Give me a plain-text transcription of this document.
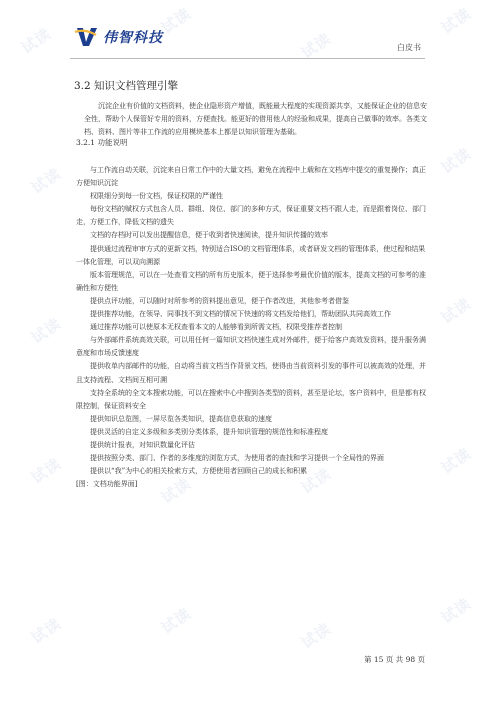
试读
试读
试读
试读
试读
试读
试读
试读
试读
试读	试读
试读
试读	试读	试读
试读
伟智科技
白皮书
3.2 知识文档管理引擎

沉淀企业有价值的文档资料，使企业隐形资产增值，既能最大程度的实现资源共享，又能保证企业的信息安全性，帮助个人保管好专用的资料，方便查找。能更好的借用他人的经验和成果，提高自己做事的效率。各类文档、资料、图片等非工作流的应用模块基本上都是以知识管理为基础。

3.2.1 功能说明

与工作流自动关联，沉淀来自日常工作中的大量文档，避免在流程中上载和在文档库中提交的重复操作；真正方便知识沉淀

权限细分到每一份文档，保证权限的严谨性

每份文档的赋权方式包含人员、群组、岗位、部门的多种方式，保证重要文档不跟人走，而是跟着岗位、部门走，方便工作，降低文档的遗失

文档的存档时可以发出提醒信息，便于收到者快速阅读，提升知识传播的效率

提供通过流程审审方式的更新文档，特别适合ISO的文档管理体系，或者研发文档的管理体系，使过程和结果一体化管理，可以双向溯源

版本管理规范，可以在一处查看文档的所有历史版本，便于选择参考最优价值的版本，提高文档的可参考的准确性和方便性

提供点评功能，可以随时对所参考的资料提出意见，便于作者改进，其他参考者借鉴

提供推荐功能，在领导、同事找不到文档的情况下快速的将文档发给他们，帮助团队共同高效工作

通过推荐功能可以使原本无权查看本文的人能够看到所需文档，权限受推荐者控制

与外部邮件系统高效关联，可以用任何一篇知识文档快速生成对外邮件，便于给客户高效发资料，提升服务满意度和市场反馈速度

提供收单内部邮件的功能，自动将当前文档当作背景文档，使得由当前资料引发的事件可以被高效的处理，并且支持流程、文档间互相可溯

支持全系统的全文本搜索功能，可以在搜索中心中搜到各类型的资料，甚至是论坛，客户资料中，但是都有权限控制，保证资料安全

提供知识总览图，一屏尽览各类知识，提高信息获取的速度

提供灵活的自定义多级和多类别分类体系，提升知识管理的规范性和标准程度

提供统计报表，对知识数量化评估

提供按照分类、部门、作者的多维度的浏览方式，为使用者的查找和学习提供一个全局性的界面

提供以“我”为中心的相关检索方式，方便使用者回顾自己的成长和积累

[图：文档功能界面]

第 15 页 共 98 页
